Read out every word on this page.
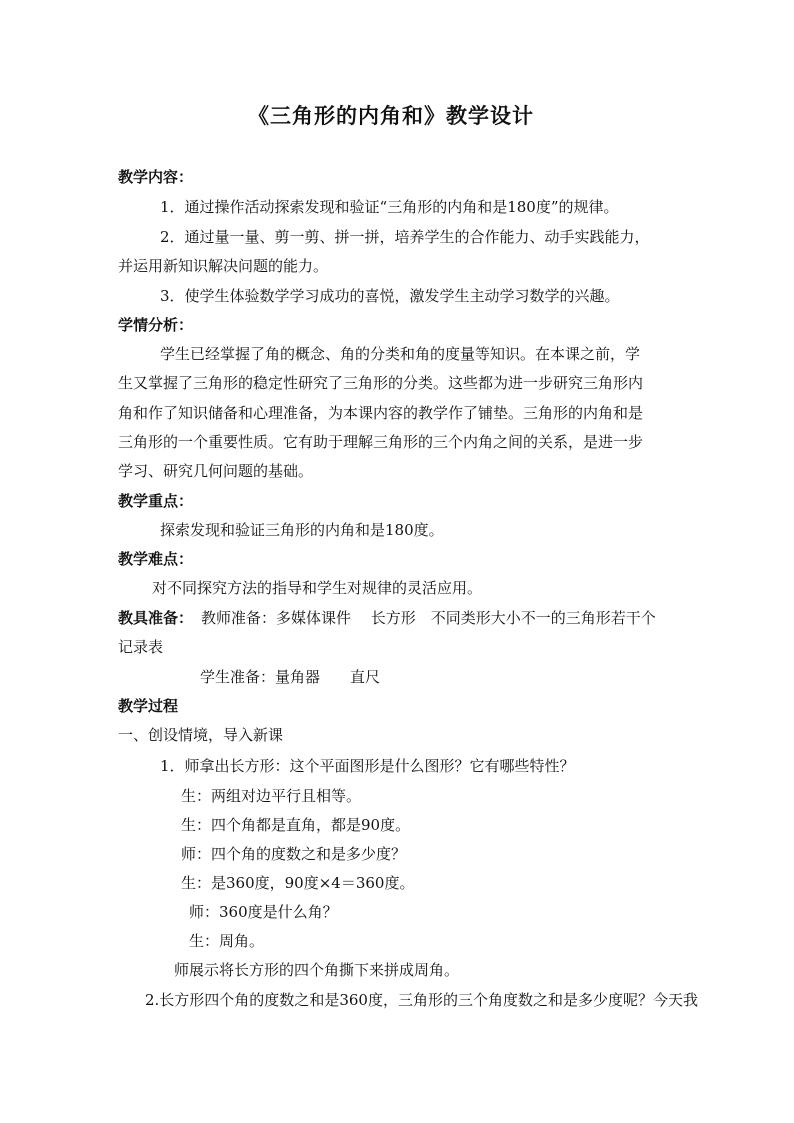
《三角形的内角和》教学设计
教学内容：
1．通过操作活动探索发现和验证“三角形的内角和是180度”的规律。
2．通过量一量、剪一剪、拼一拼，培养学生的合作能力、动手实践能力，
并运用新知识解决问题的能力。
3．使学生体验数学学习成功的喜悦，激发学生主动学习数学的兴趣。
学情分析：
学生已经掌握了角的概念、角的分类和角的度量等知识。在本课之前，学
生又掌握了三角形的稳定性研究了三角形的分类。这些都为进一步研究三角形内
角和作了知识储备和心理准备，为本课内容的教学作了铺垫。三角形的内角和是
三角形的一个重要性质。它有助于理解三角形的三个内角之间的关系，是进一步
学习、研究几何问题的基础。
教学重点：
探索发现和验证三角形的内角和是180度。
教学难点：
对不同探究方法的指导和学生对规律的灵活应用。
教具准备： 教师准备：多媒体课件　 长方形　不同类形大小不一的三角形若干个
记录表
学生准备：量角器　　直尺
教学过程
一、创设情境，导入新课
1．师拿出长方形：这个平面图形是什么图形？它有哪些特性？
生：两组对边平行且相等。
生：四个角都是直角，都是90度。
师：四个角的度数之和是多少度？
生：是360度，90度×4＝360度。
师：360度是什么角？
生：周角。
师展示将长方形的四个角撕下来拼成周角。
2.长方形四个角的度数之和是360度，三角形的三个角度数之和是多少度呢？今天我
